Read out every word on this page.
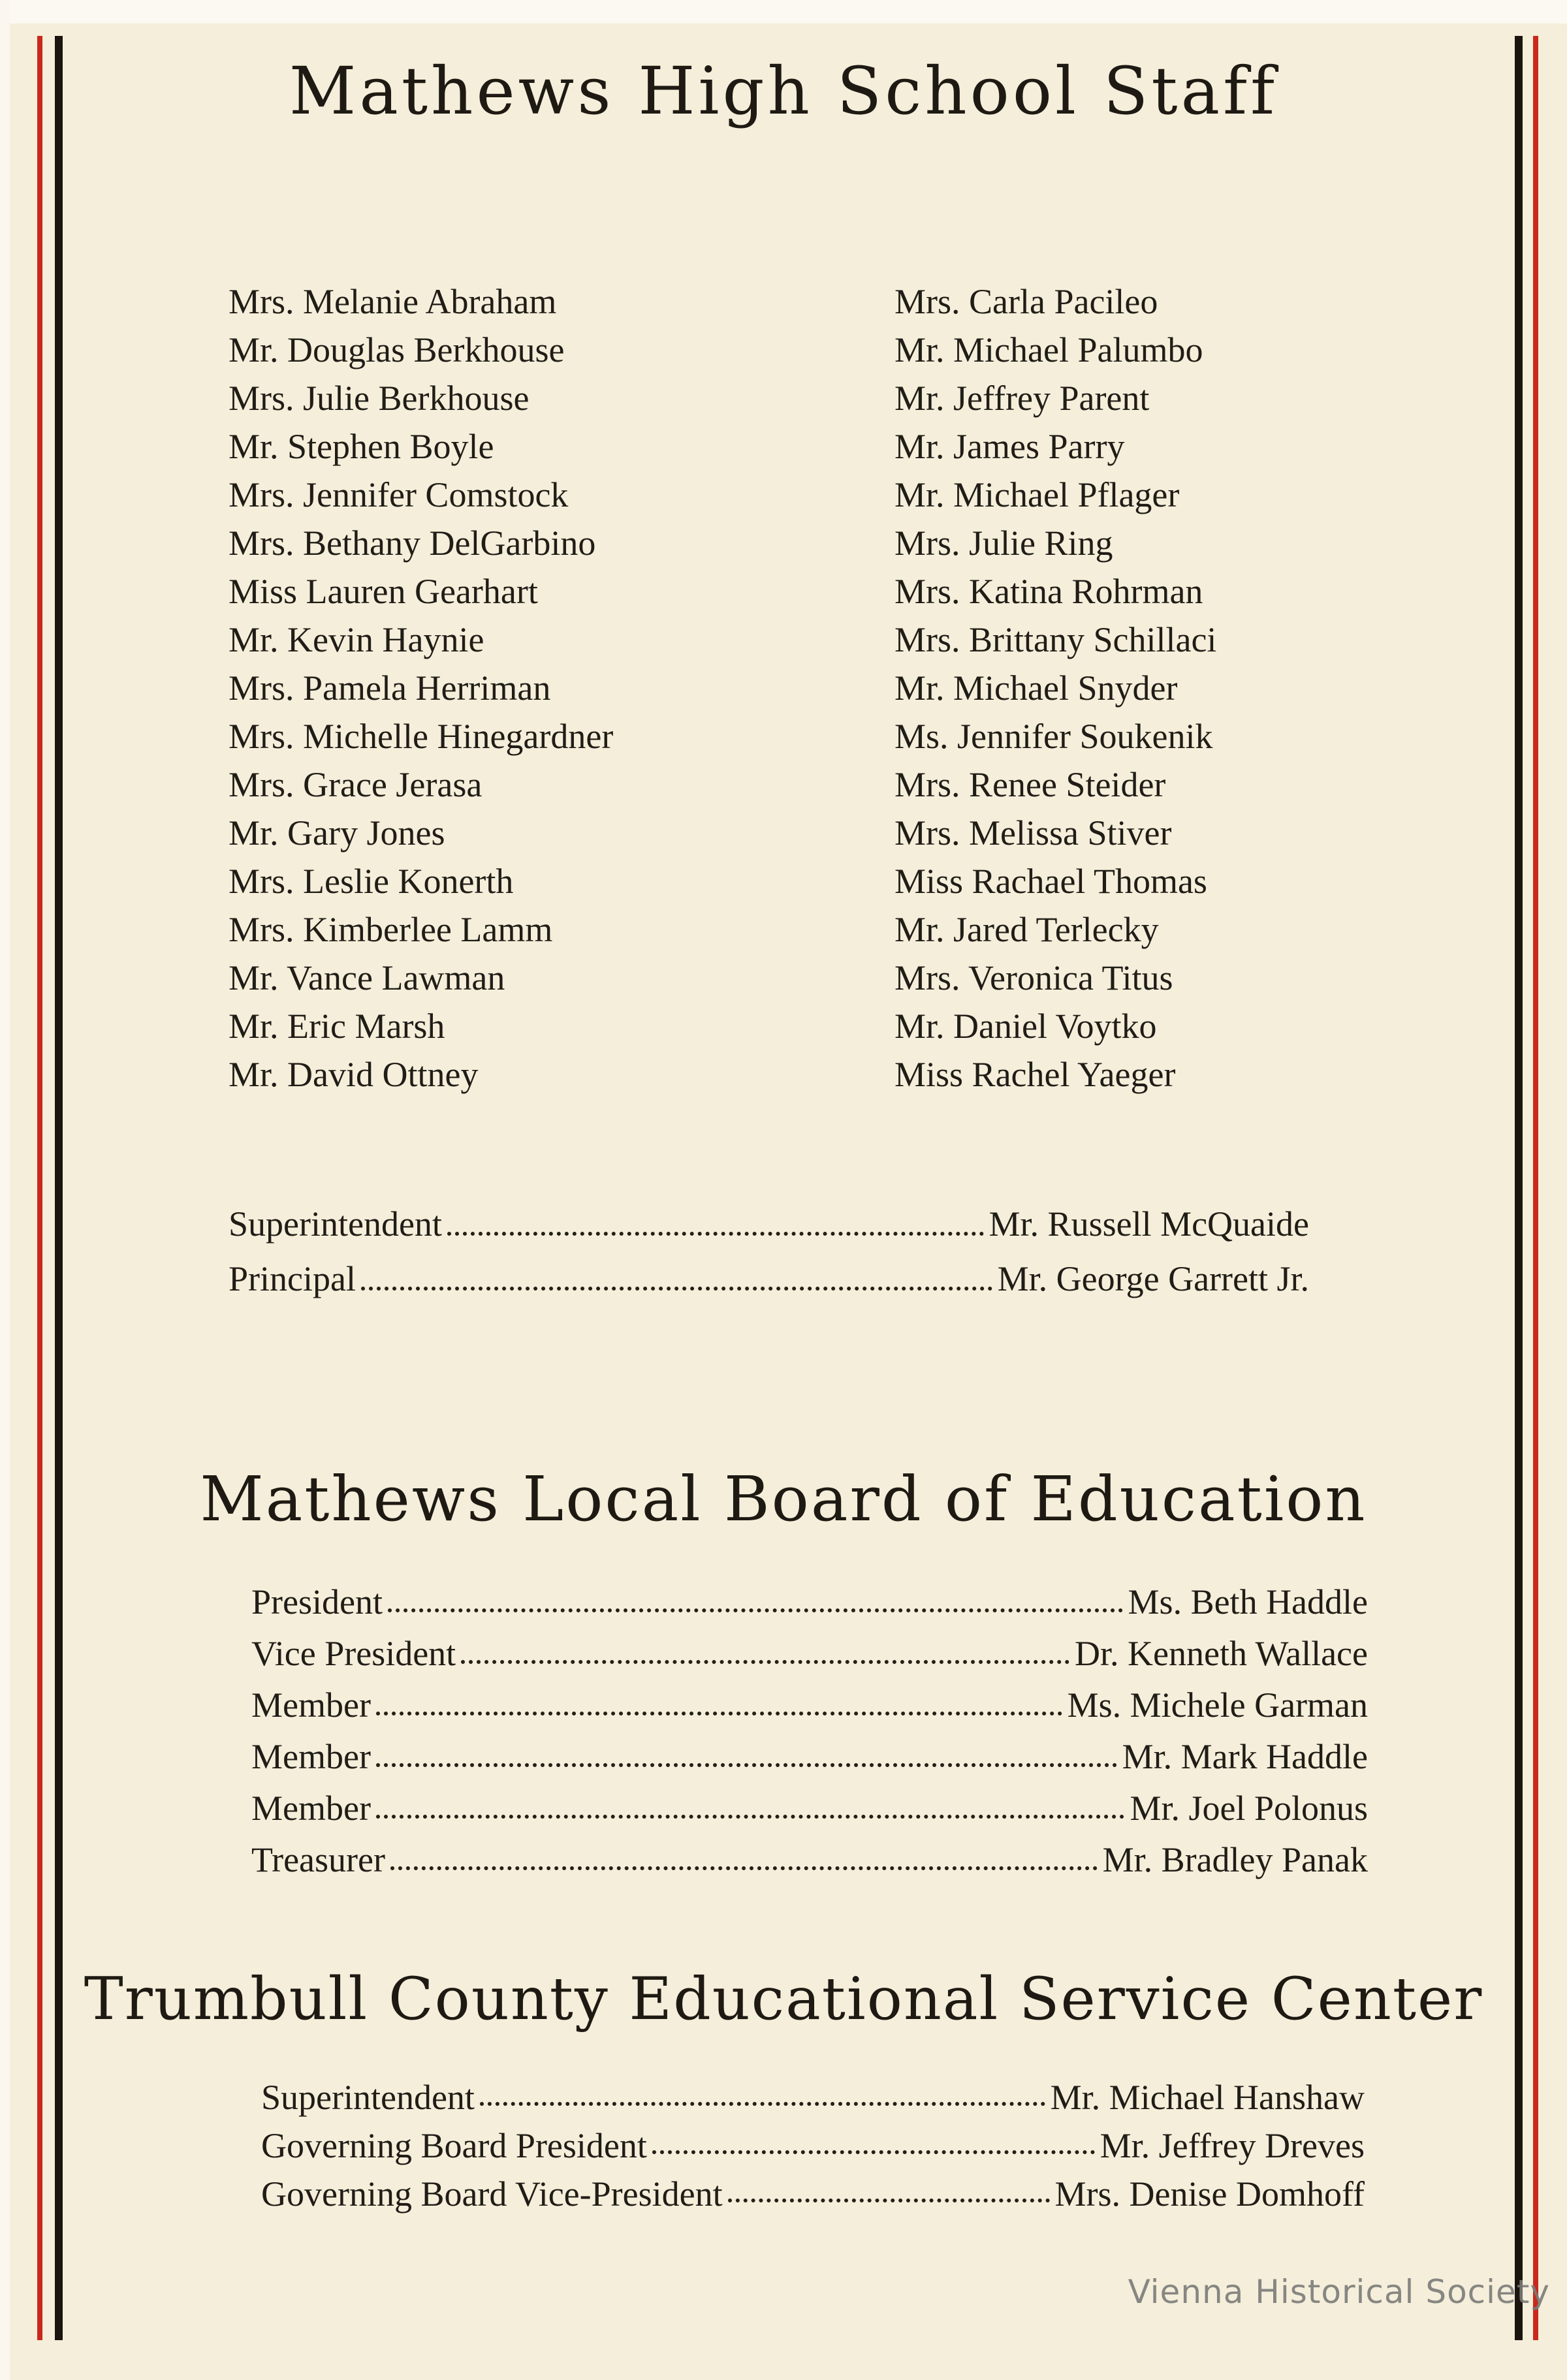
Mathews High School Staff
Mrs. Melanie Abraham
Mr. Douglas Berkhouse
Mrs. Julie Berkhouse
Mr. Stephen Boyle
Mrs. Jennifer Comstock
Mrs. Bethany DelGarbino
Miss Lauren Gearhart
Mr. Kevin Haynie
Mrs. Pamela Herriman
Mrs. Michelle Hinegardner
Mrs. Grace Jerasa
Mr. Gary Jones
Mrs. Leslie Konerth
Mrs. Kimberlee Lamm
Mr. Vance Lawman
Mr. Eric Marsh
Mr. David Ottney
Mrs. Carla Pacileo
Mr. Michael Palumbo
Mr. Jeffrey Parent
Mr. James Parry
Mr. Michael Pflager
Mrs. Julie Ring
Mrs. Katina Rohrman
Mrs. Brittany Schillaci
Mr. Michael Snyder
Ms. Jennifer Soukenik
Mrs. Renee Steider
Mrs. Melissa Stiver
Miss Rachael Thomas
Mr. Jared Terlecky
Mrs. Veronica Titus
Mr. Daniel Voytko
Miss Rachel Yaeger
Superintendent	Mr. Russell McQuaide
Principal	Mr. George Garrett Jr.
Mathews Local Board of Education
President	Ms. Beth Haddle
Vice President	Dr. Kenneth Wallace
Member	Ms. Michele Garman
Member	Mr. Mark Haddle
Member	Mr. Joel Polonus
Treasurer	Mr. Bradley Panak
Trumbull County Educational Service Center
Superintendent	Mr. Michael Hanshaw
Governing Board President	Mr. Jeffrey Dreves
Governing Board Vice-President	Mrs. Denise Domhoff
Vienna Historical Society
